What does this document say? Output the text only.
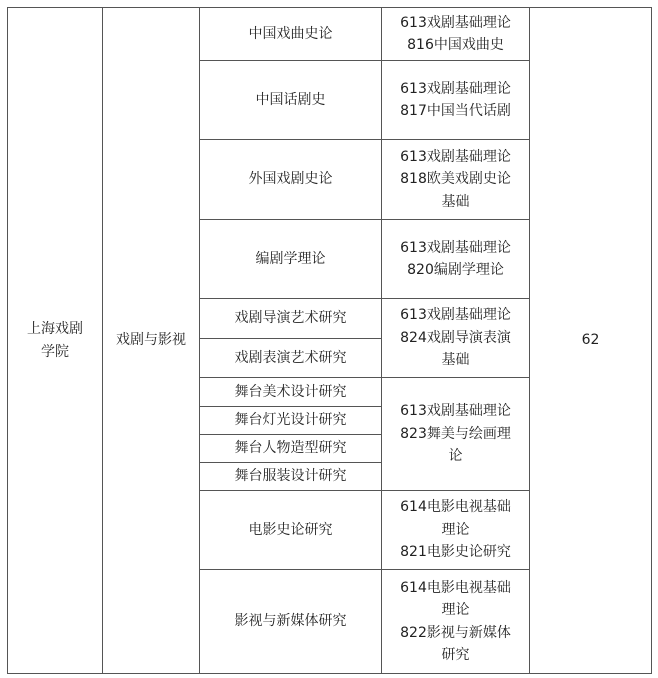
上海戏剧
学院	戏剧与影视	中国戏曲史论	613戏剧基础理论
816中国戏曲史	62
		中国话剧史	613戏剧基础理论
817中国当代话剧	

		外国戏剧史论	613戏剧基础理论
818欧美戏剧史论
基础	

		编剧学理论	613戏剧基础理论
820编剧学理论	

		戏剧导演艺术研究	613戏剧基础理论
824戏剧导演表演
基础	

		戏剧表演艺术研究		
		舞台美术设计研究	613戏剧基础理论
823舞美与绘画理
论	

		舞台灯光设计研究		
		舞台人物造型研究		
		舞台服装设计研究		
		电影史论研究	614电影电视基础
理论
821电影史论研究	

		影视与新媒体研究	614电影电视基础
理论
822影视与新媒体
研究	
